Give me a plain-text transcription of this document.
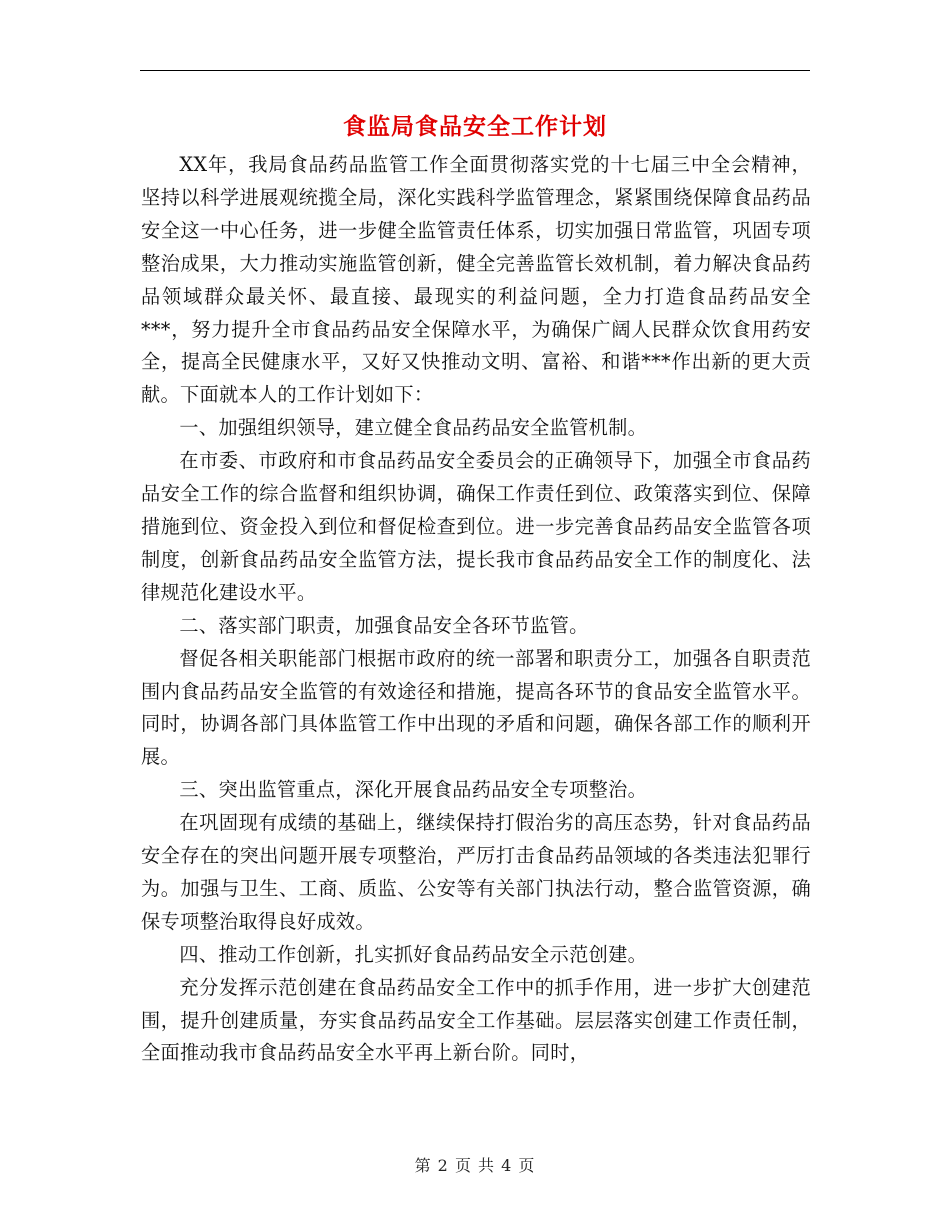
食监局食品安全工作计划

XX年，我局食品药品监管工作全面贯彻落实党的十七届三中全会精神，坚持以科学进展观统揽全局，深化实践科学监管理念，紧紧围绕保障食品药品安全这一中心任务，进一步健全监管责任体系，切实加强日常监管，巩固专项整治成果，大力推动实施监管创新，健全完善监管长效机制，着力解决食品药品领域群众最关怀、最直接、最现实的利益问题，全力打造食品药品安全***，努力提升全市食品药品安全保障水平，为确保广阔人民群众饮食用药安全，提高全民健康水平，又好又快推动文明、富裕、和谐***作出新的更大贡献。下面就本人的工作计划如下：

一、加强组织领导，建立健全食品药品安全监管机制。

在市委、市政府和市食品药品安全委员会的正确领导下，加强全市食品药品安全工作的综合监督和组织协调，确保工作责任到位、政策落实到位、保障措施到位、资金投入到位和督促检查到位。进一步完善食品药品安全监管各项制度，创新食品药品安全监管方法，提长我市食品药品安全工作的制度化、法律规范化建设水平。

二、落实部门职责，加强食品安全各环节监管。

督促各相关职能部门根据市政府的统一部署和职责分工，加强各自职责范围内食品药品安全监管的有效途径和措施，提高各环节的食品安全监管水平。同时，协调各部门具体监管工作中出现的矛盾和问题，确保各部工作的顺利开展。

三、突出监管重点，深化开展食品药品安全专项整治。

在巩固现有成绩的基础上，继续保持打假治劣的高压态势，针对食品药品安全存在的突出问题开展专项整治，严厉打击食品药品领域的各类违法犯罪行为。加强与卫生、工商、质监、公安等有关部门执法行动，整合监管资源，确保专项整治取得良好成效。

四、推动工作创新，扎实抓好食品药品安全示范创建。

充分发挥示范创建在食品药品安全工作中的抓手作用，进一步扩大创建范围，提升创建质量，夯实食品药品安全工作基础。层层落实创建工作责任制，全面推动我市食品药品安全水平再上新台阶。同时，

第 2 页 共 4 页
